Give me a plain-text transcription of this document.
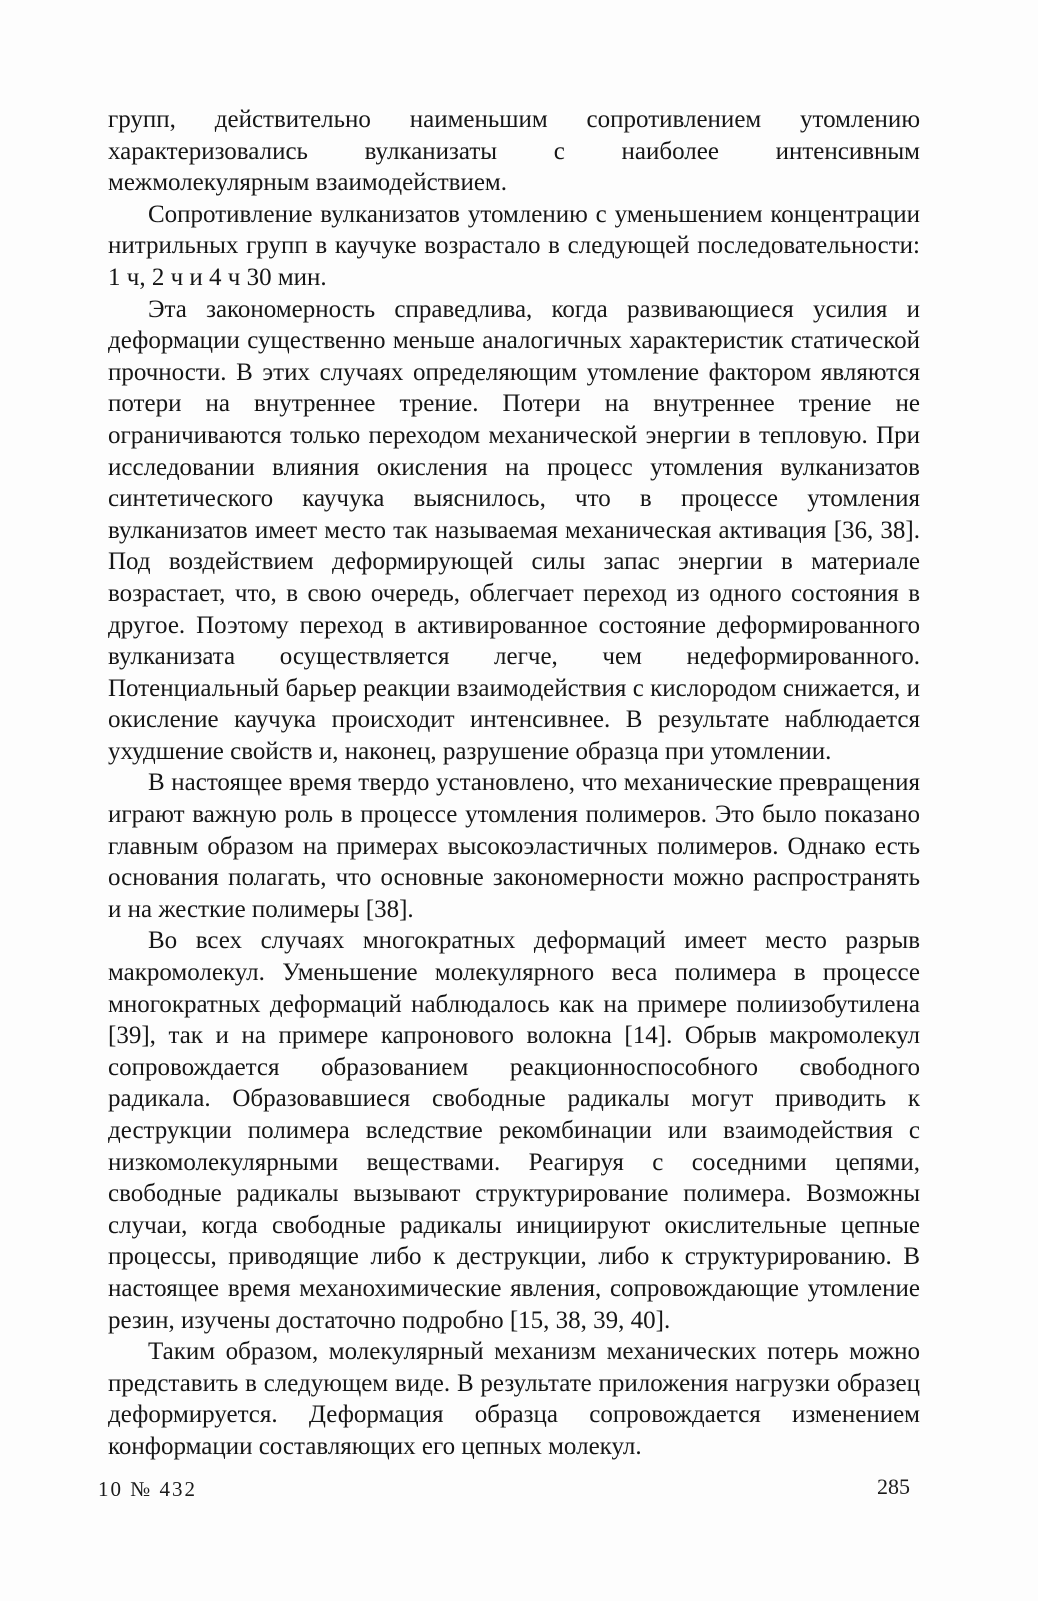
групп, действительно наименьшим сопротивлением утомлению характеризовались вулканизаты с наиболее интенсивным межмолекулярным взаимодействием.

Сопротивление вулканизатов утомлению с уменьшением концентрации нитрильных групп в каучуке возрастало в следующей последовательности: 1 ч, 2 ч и 4 ч 30 мин.

Эта закономерность справедлива, когда развивающиеся усилия и деформации существенно меньше аналогичных характеристик статической прочности. В этих случаях определяющим утомление фактором являются потери на внутреннее трение. Потери на внутреннее трение не ограничиваются только переходом механической энергии в тепловую. При исследовании влияния окисления на процесс утомления вулканизатов синтетического каучука выяснилось, что в процессе утомления вулканизатов имеет место так называемая механическая активация [36, 38]. Под воздействием деформирующей силы запас энергии в материале возрастает, что, в свою очередь, облегчает переход из одного состояния в другое. Поэтому переход в активированное состояние деформированного вулканизата осуществляется легче, чем недеформированного. Потенциальный барьер реакции взаимодействия с кислородом снижается, и окисление каучука происходит интенсивнее. В результате наблюдается ухудшение свойств и, наконец, разрушение образца при утомлении.

В настоящее время твердо установлено, что механические превращения играют важную роль в процессе утомления полимеров. Это было показано главным образом на примерах высокоэластичных полимеров. Однако есть основания полагать, что основные закономерности можно распространять и на жесткие полимеры [38].

Во всех случаях многократных деформаций имеет место разрыв макромолекул. Уменьшение молекулярного веса полимера в процессе многократных деформаций наблюдалось как на примере полиизобутилена [39], так и на примере капронового волокна [14]. Обрыв макромолекул сопровождается образованием реакционноспособного свободного радикала. Образовавшиеся свободные радикалы могут приводить к деструкции полимера вследствие рекомбинации или взаимодействия с низкомолекулярными веществами. Реагируя с соседними цепями, свободные радикалы вызывают структурирование полимера. Возможны случаи, когда свободные радикалы инициируют окислительные цепные процессы, приводящие либо к деструкции, либо к структурированию. В настоящее время механохимические явления, сопровождающие утомление резин, изучены достаточно подробно [15, 38, 39, 40].

Таким образом, молекулярный механизм механических потерь можно представить в следующем виде. В результате приложения нагрузки образец деформируется. Деформация образца сопровождается изменением конформации составляющих его цепных молекул.

10 № 432	285
